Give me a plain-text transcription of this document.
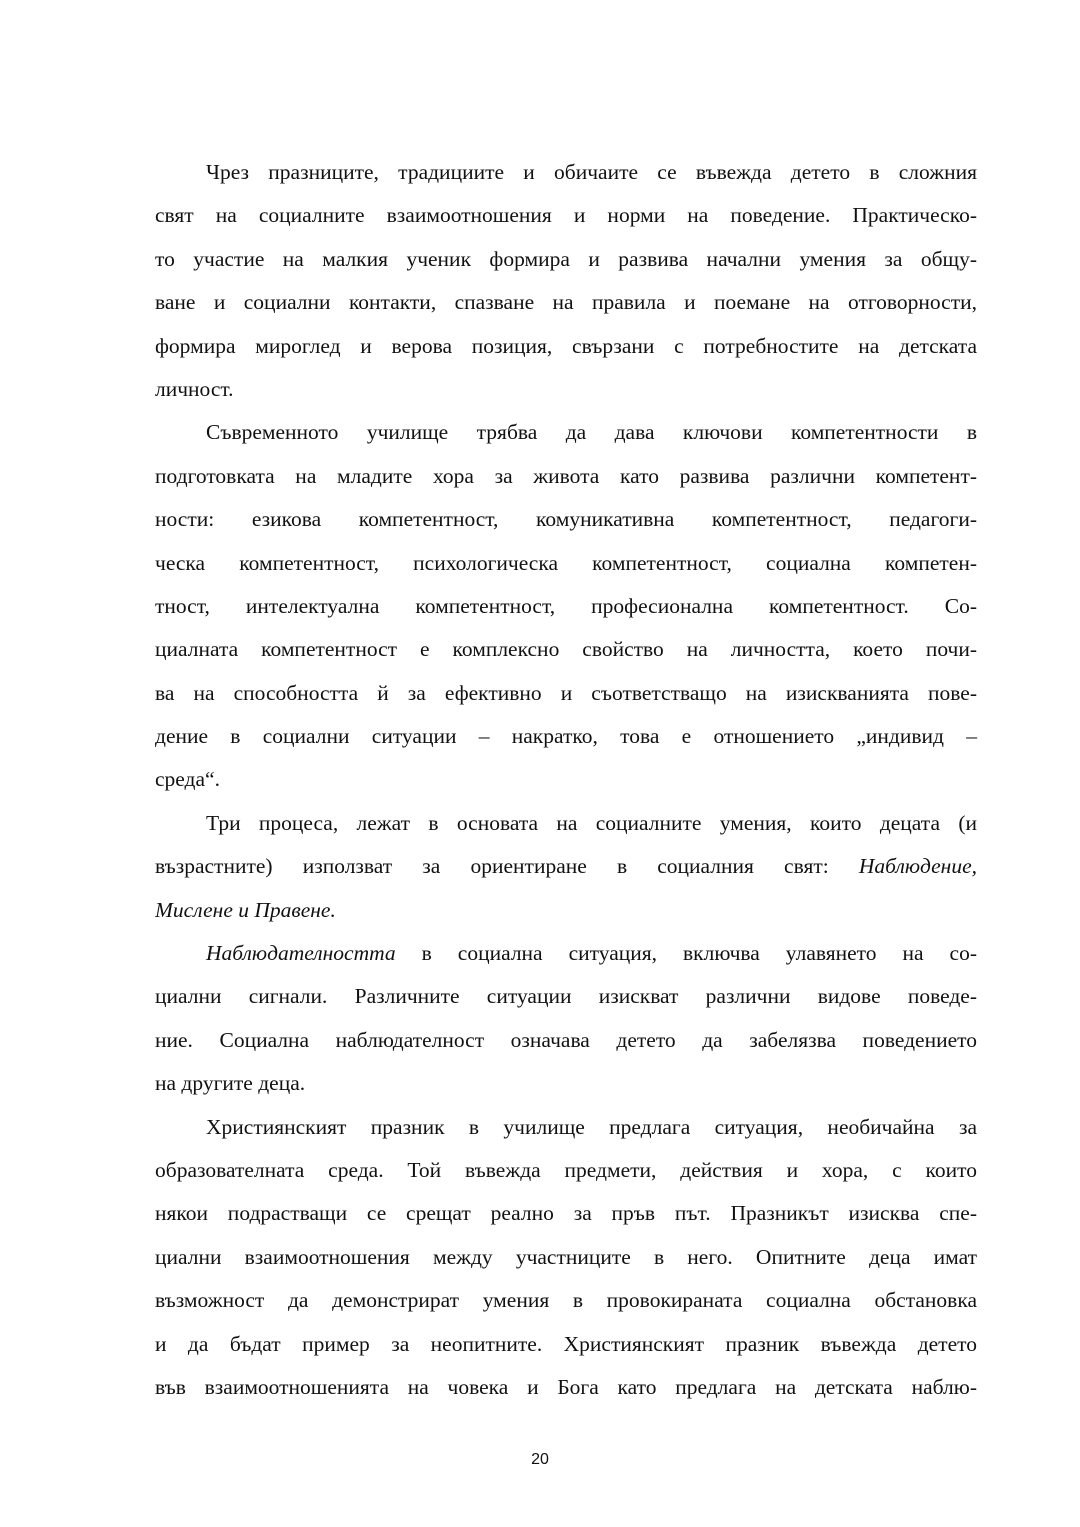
Чрез празниците, традициите и обичаите се въвежда детето в сложния
свят на социалните взаимоотношения и норми на поведение. Практическо-
то участие на малкия ученик формира и развива начални умения за общу-
ване и социални контакти, спазване на правила и поемане на отговорности,
формира мироглед и верова позиция, свързани с потребностите на детската
личност.
Съвременното училище трябва да дава ключови компетентности в
подготовката на младите хора за живота като развива различни компетент-
ности: езикова компетентност, комуникативна компетентност, педагоги-
ческа компетентност, психологическа компетентност, социална компетен-
тност, интелектуална компетентност, професионална компетентност. Со-
циалната компетентност е комплексно свойство на личността, което почи-
ва на способността й за ефективно и съответстващо на изискванията пове-
дение в социални ситуации – накратко, това е отношението „индивид –
среда“.
Три процеса, лежат в основата на социалните умения, които децата (и
възрастните) използват за ориентиране в социалния свят: Наблюдение,
Мислене и Правене.
Наблюдателността в социална ситуация, включва улавянето на со-
циални сигнали. Различните ситуации изискват различни видове поведе-
ние. Социална наблюдателност означава детето да забелязва поведението
на другите деца.
Християнският празник в училище предлага ситуация, необичайна за
образователната среда. Той въвежда предмети, действия и хора, с които
някои подрастващи се срещат реално за пръв път. Празникът изисква спе-
циални взаимоотношения между участниците в него. Опитните деца имат
възможност да демонстрират умения в провокираната социална обстановка
и да бъдат пример за неопитните. Християнският празник въвежда детето
във взаимоотношенията на човека и Бога като предлага на детската наблю-
20
